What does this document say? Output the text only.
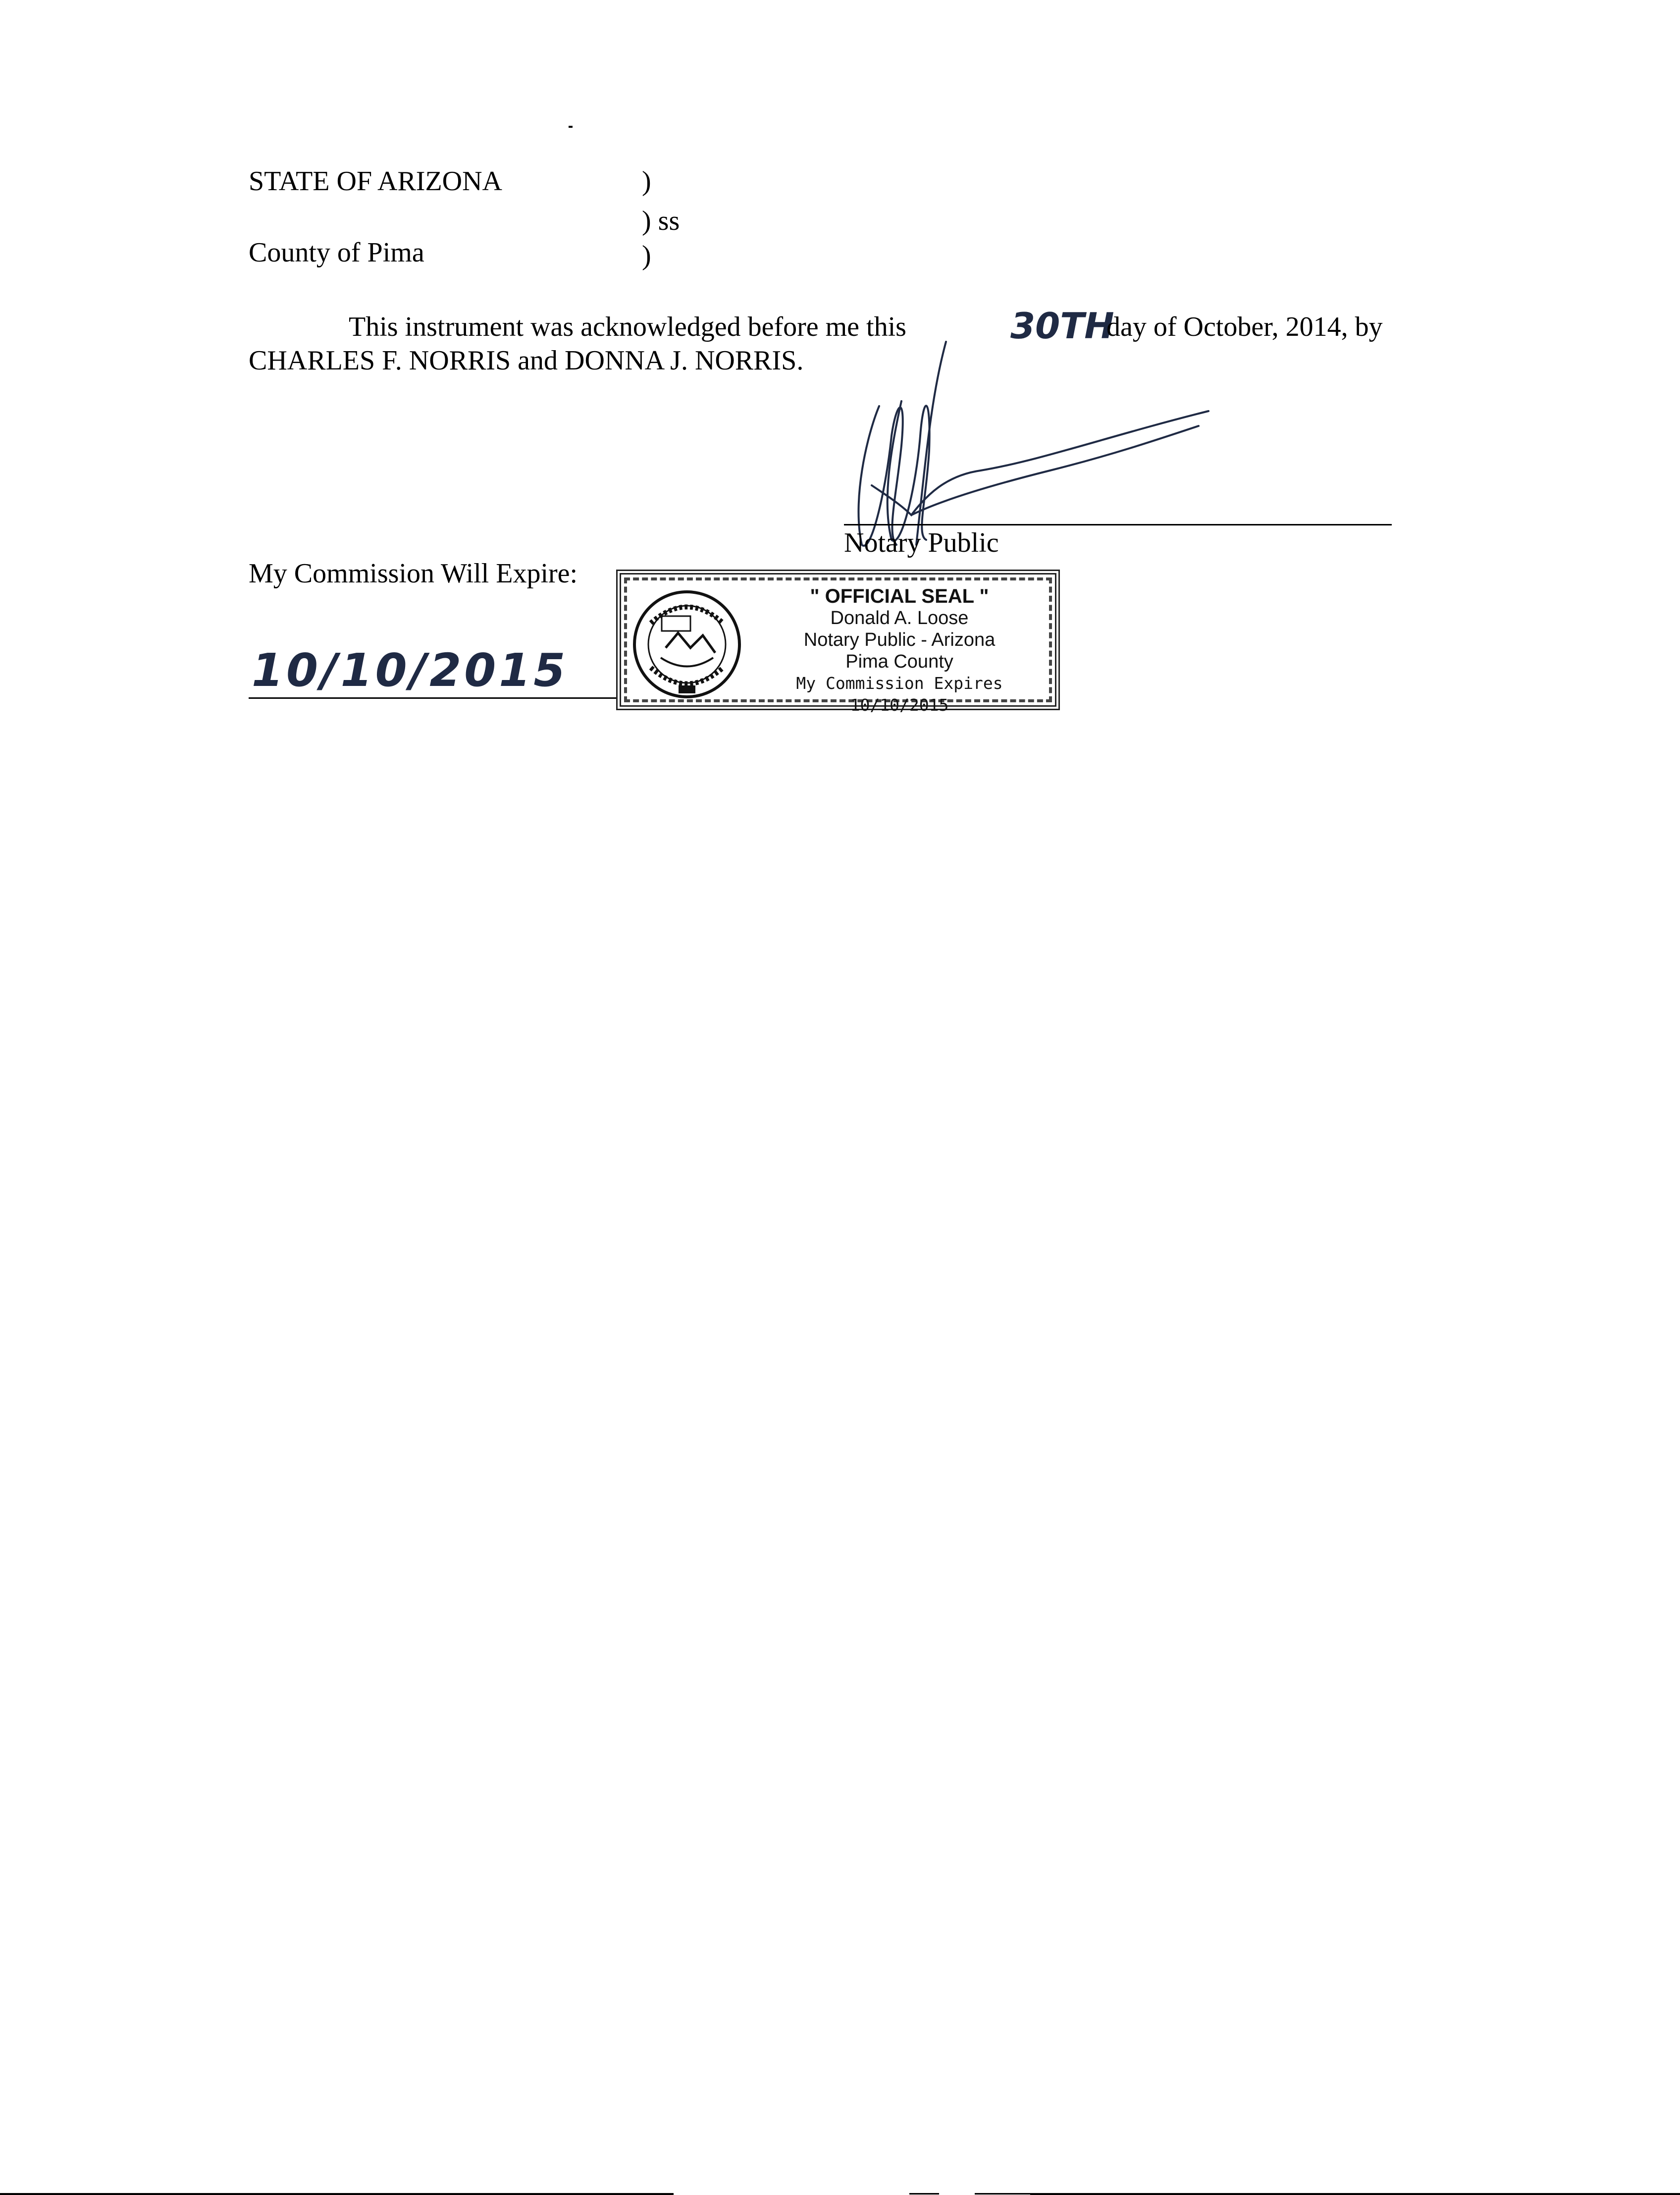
STATE OF ARIZONA	)
) ss
County of Pima	)
This instrument was acknowledged before me this	30TH
day of October, 2014, by
CHARLES F. NORRIS and DONNA J. NORRIS.
Notary Public
My Commission Will Expire:
10/10/2015
" OFFICIAL SEAL "
Donald A. Loose
Notary Public - Arizona
Pima County
My Commission Expires 10/10/2015
